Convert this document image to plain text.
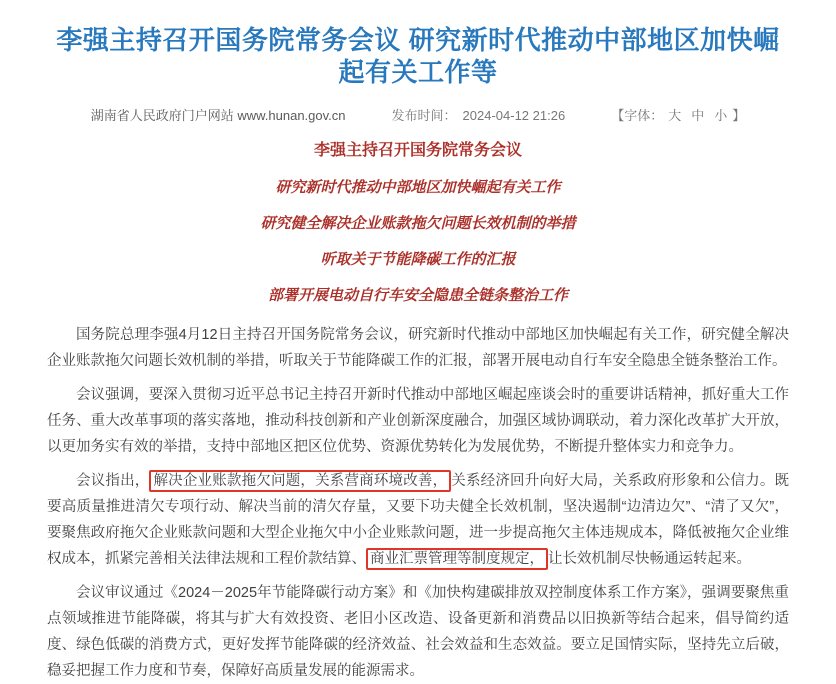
李强主持召开国务院常务会议 研究新时代推动中部地区加快崛起有关工作等
湖南省人民政府门户网站 www.hunan.gov.cn	发布时间： 2024-04-12 21:26	【字体： 大 中 小 】

李强主持召开国务院常务会议

研究新时代推动中部地区加快崛起有关工作

研究健全解决企业账款拖欠问题长效机制的举措

听取关于节能降碳工作的汇报

部署开展电动自行车安全隐患全链条整治工作

国务院总理李强4月12日主持召开国务院常务会议，研究新时代推动中部地区加快崛起有关工作，研究健全解决企业账款拖欠问题长效机制的举措，听取关于节能降碳工作的汇报，部署开展电动自行车安全隐患全链条整治工作。

会议强调，要深入贯彻习近平总书记主持召开新时代推动中部地区崛起座谈会时的重要讲话精神，抓好重大工作任务、重大改革事项的落实落地，推动科技创新和产业创新深度融合，加强区域协调联动，着力深化改革扩大开放，以更加务实有效的举措，支持中部地区把区位优势、资源优势转化为发展优势，不断提升整体实力和竞争力。

会议指出， 解决企业账款拖欠问题，关系营商环境改善， 关系经济回升向好大局，关系政府形象和公信力。既要高质量推进清欠专项行动、解决当前的清欠存量，又要下功夫健全长效机制，坚决遏制“边清边欠”、“清了又欠”，要聚焦政府拖欠企业账款问题和大型企业拖欠中小企业账款问题，进一步提高拖欠主体违规成本，降低被拖欠企业维权成本，抓紧完善相关法律法规和工程价款结算、 商业汇票管理等制度规定， 让长效机制尽快畅通运转起来。

会议审议通过《2024－2025年节能降碳行动方案》和《加快构建碳排放双控制度体系工作方案》，强调要聚焦重点领域推进节能降碳，将其与扩大有效投资、老旧小区改造、设备更新和消费品以旧换新等结合起来，倡导简约适度、绿色低碳的消费方式，更好发挥节能降碳的经济效益、社会效益和生态效益。要立足国情实际，坚持先立后破，稳妥把握工作力度和节奏，保障好高质量发展的能源需求。
